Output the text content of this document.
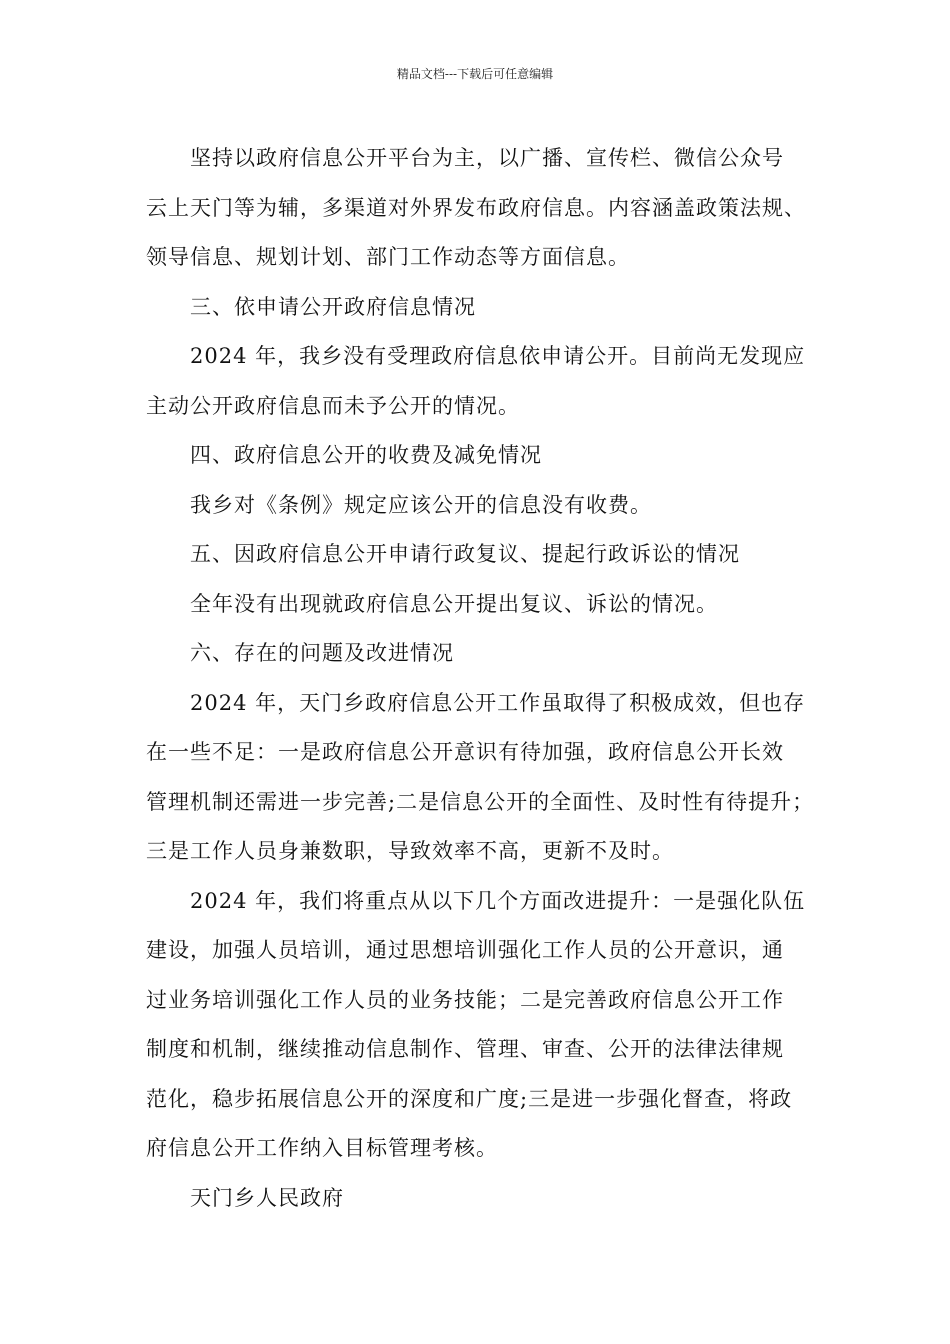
精品文档---下载后可任意编辑
坚持以政府信息公开平台为主，以广播、宣传栏、微信公众号
云上天门等为辅，多渠道对外界发布政府信息。内容涵盖政策法规、
领导信息、规划计划、部门工作动态等方面信息。
三、依申请公开政府信息情况
2024 年，我乡没有受理政府信息依申请公开。目前尚无发现应
主动公开政府信息而未予公开的情况。
四、政府信息公开的收费及减免情况
我乡对《条例》规定应该公开的信息没有收费。
五、因政府信息公开申请行政复议、提起行政诉讼的情况
全年没有出现就政府信息公开提出复议、诉讼的情况。
六、存在的问题及改进情况
2024 年，天门乡政府信息公开工作虽取得了积极成效，但也存
在一些不足：一是政府信息公开意识有待加强，政府信息公开长效
管理机制还需进一步完善;二是信息公开的全面性、及时性有待提升；
三是工作人员身兼数职，导致效率不高，更新不及时。
2024 年，我们将重点从以下几个方面改进提升：一是强化队伍
建设，加强人员培训，通过思想培训强化工作人员的公开意识，通
过业务培训强化工作人员的业务技能；二是完善政府信息公开工作
制度和机制，继续推动信息制作、管理、审查、公开的法律法律规
范化，稳步拓展信息公开的深度和广度;三是进一步强化督查，将政
府信息公开工作纳入目标管理考核。
天门乡人民政府
